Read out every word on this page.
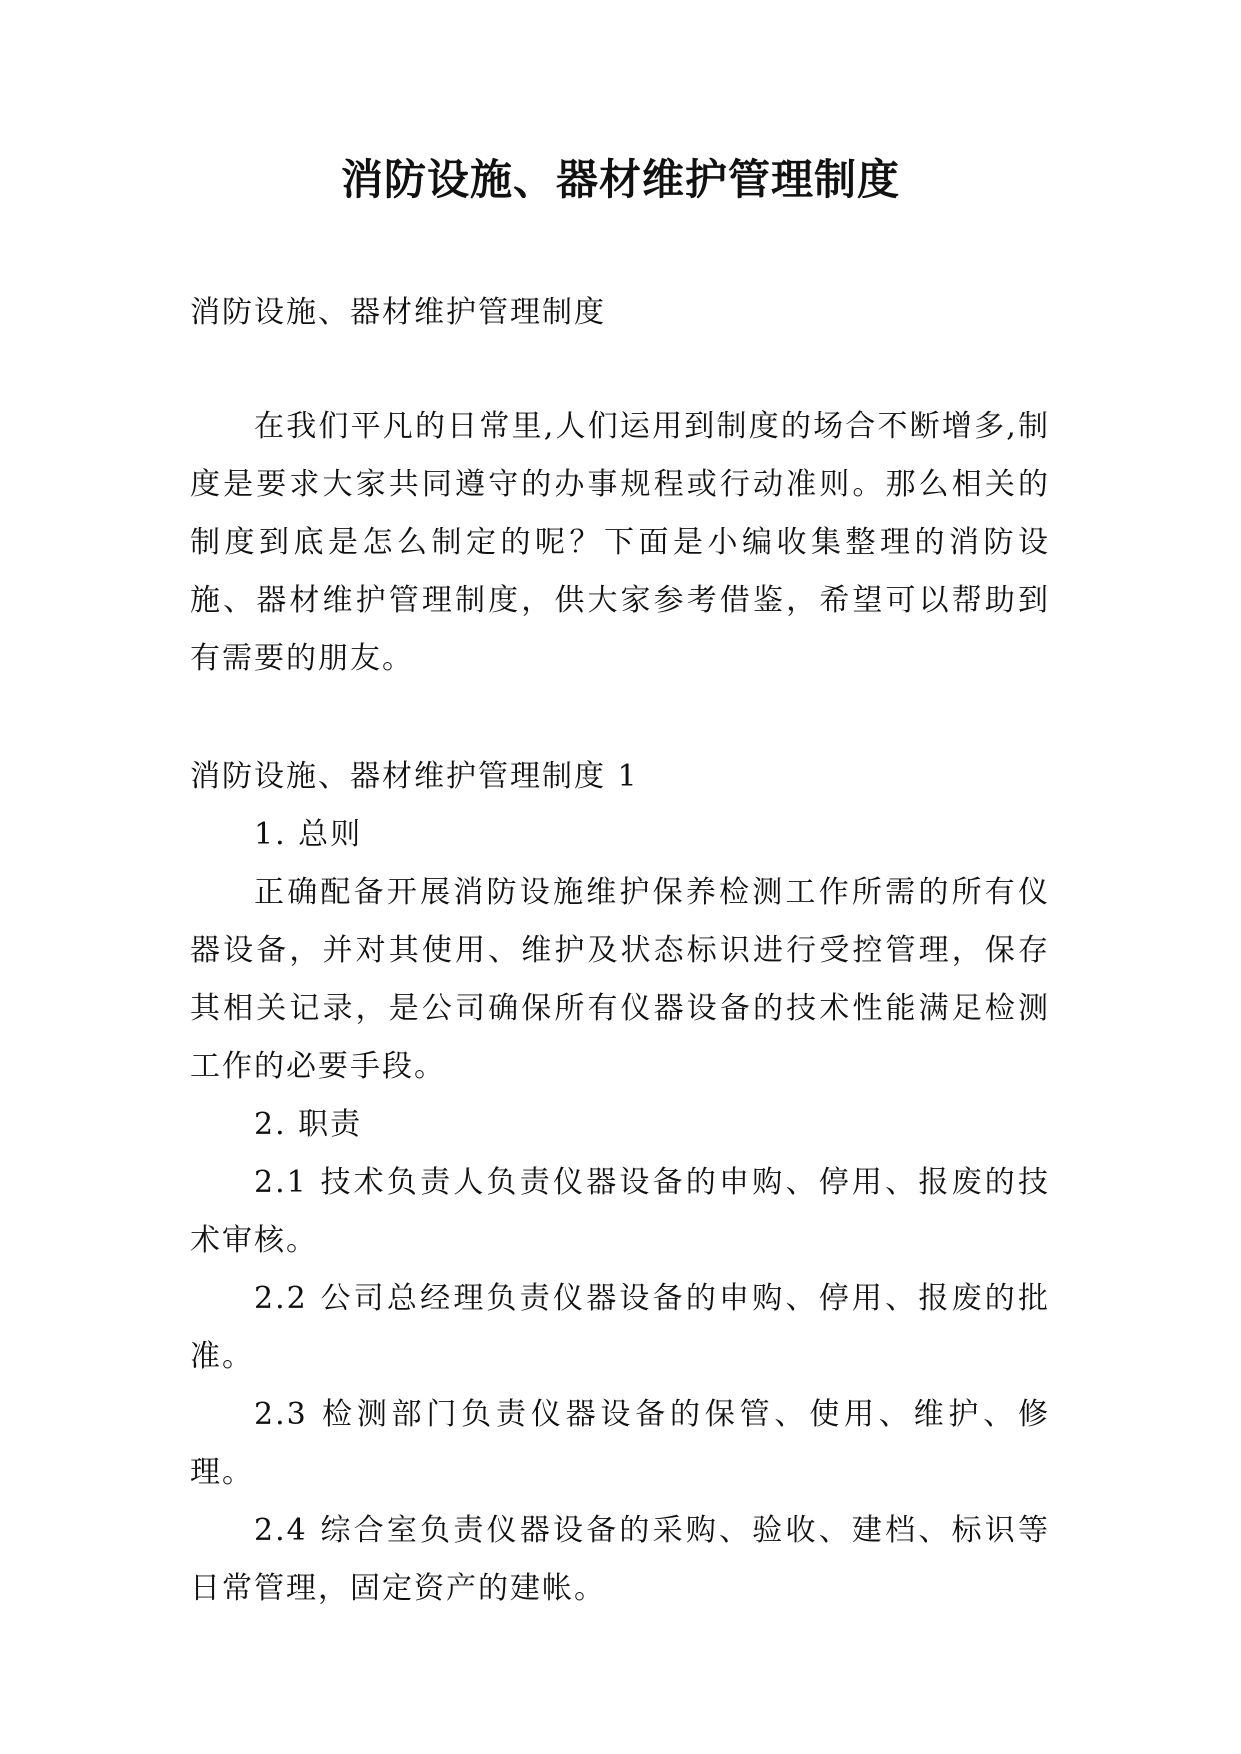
消防设施、器材维护管理制度

消防设施、器材维护管理制度

在我们平凡的日常里,人们运用到制度的场合不断增多,制度是要求大家共同遵守的办事规程或行动准则。那么相关的制度到底是怎么制定的呢？下面是小编收集整理的消防设施、器材维护管理制度，供大家参考借鉴，希望可以帮助到有需要的朋友。

消防设施、器材维护管理制度 1

1. 总则

正确配备开展消防设施维护保养检测工作所需的所有仪器设备，并对其使用、维护及状态标识进行受控管理，保存其相关记录，是公司确保所有仪器设备的技术性能满足检测工作的必要手段。

2. 职责

2.1 技术负责人负责仪器设备的申购、停用、报废的技术审核。

2.2 公司总经理负责仪器设备的申购、停用、报废的批准。

2.3 检测部门负责仪器设备的保管、使用、维护、修理。

2.4 综合室负责仪器设备的采购、验收、建档、标识等日常管理，固定资产的建帐。
